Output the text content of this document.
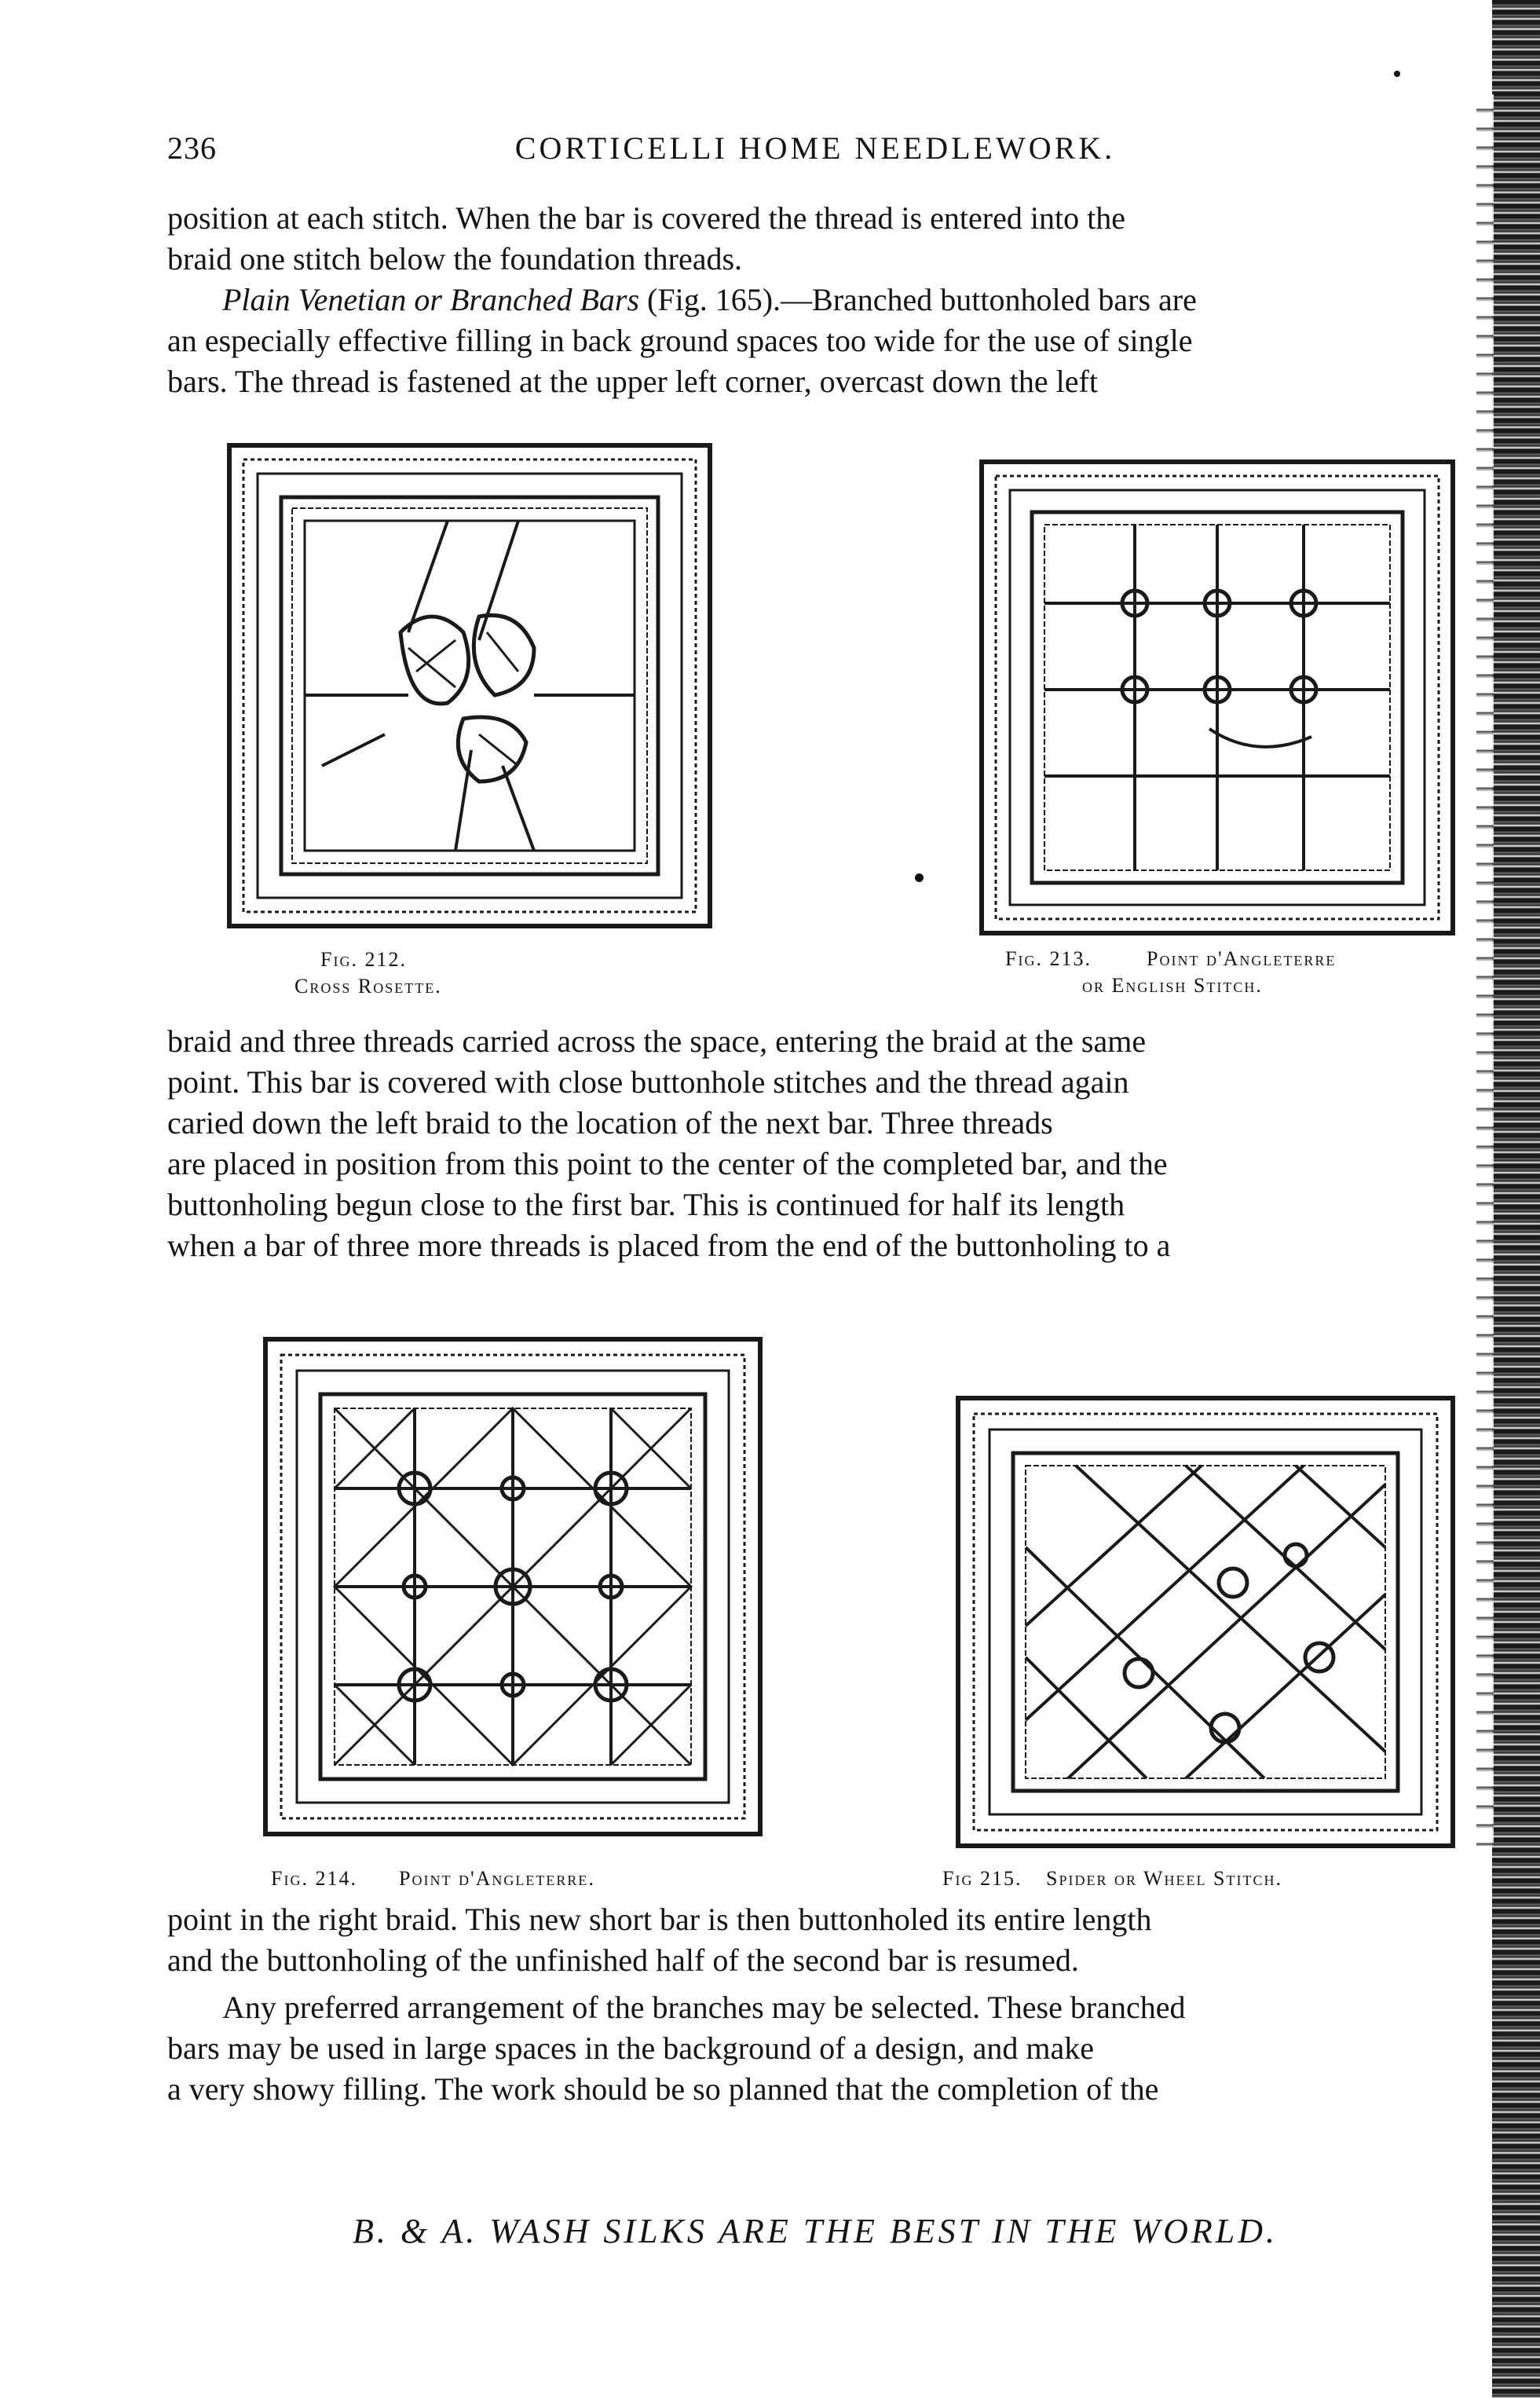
236	CORTICELLI HOME NEEDLEWORK.

position at each stitch. When the bar is covered the thread is entered into the
braid one stitch below the foundation threads.

Plain Venetian or Branched Bars (Fig. 165).—Branched buttonholed bars are
an especially effective filling in back ground spaces too wide for the use of single
bars. The thread is fastened at the upper left corner, overcast down the left

Fig. 212.
Cross Rosette.
Fig. 213.	Point d'Angleterre
or English Stitch.

braid and three threads carried across the space, entering the braid at the same
point. This bar is covered with close buttonhole stitches and the thread again
caried down the left braid to the location of the next bar. Three threads
are placed in position from this point to the center of the completed bar, and the
buttonholing begun close to the first bar. This is continued for half its length
when a bar of three more threads is placed from the end of the buttonholing to a

Fig. 214. Point d'Angleterre.	Fig 215. Spider or Wheel Stitch.

point in the right braid. This new short bar is then buttonholed its entire length
and the buttonholing of the unfinished half of the second bar is resumed.

Any preferred arrangement of the branches may be selected. These branched
bars may be used in large spaces in the background of a design, and make
a very showy filling. The work should be so planned that the completion of the

B. & A. WASH SILKS ARE THE BEST IN THE WORLD.
